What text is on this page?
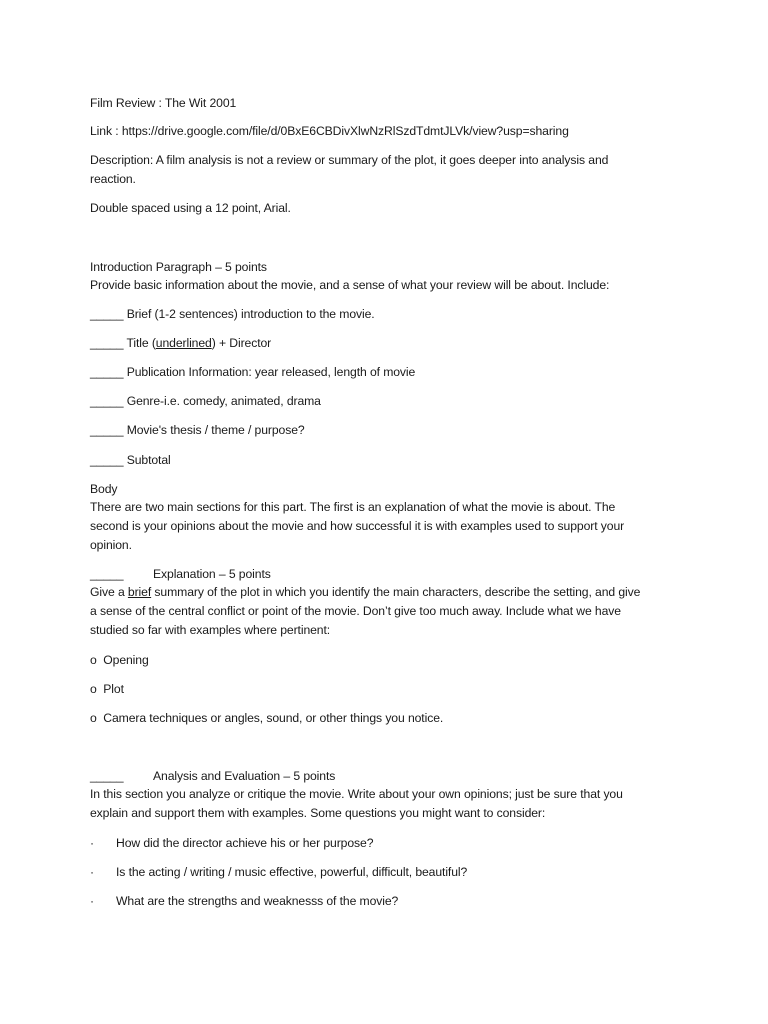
Film Review : The Wit 2001

Link : https://drive.google.com/file/d/0BxE6CBDivXlwNzRlSzdTdmtJLVk/view?usp=sharing

Description: A film analysis is not a review or summary of the plot, it goes deeper into analysis and

reaction.

Double spaced using a 12 point, Arial.

Introduction Paragraph – 5 points

Provide basic information about the movie, and a sense of what your review will be about. Include:

_____ Brief (1-2 sentences) introduction to the movie.

_____ Title (underlined) + Director

_____ Publication Information: year released, length of movie

_____ Genre-i.e. comedy, animated, drama

_____ Movie's thesis / theme / purpose?

_____ Subtotal

Body

There are two main sections for this part. The first is an explanation of what the movie is about. The

second is your opinions about the movie and how successful it is with examples used to support your

opinion.

_____ Explanation – 5 points

Give a brief summary of the plot in which you identify the main characters, describe the setting, and give

a sense of the central conflict or point of the movie. Don’t give too much away. Include what we have

studied so far with examples where pertinent:

o Opening

o Plot

o Camera techniques or angles, sound, or other things you notice.

_____ Analysis and Evaluation – 5 points

In this section you analyze or critique the movie. Write about your own opinions; just be sure that you

explain and support them with examples. Some questions you might want to consider:

· How did the director achieve his or her purpose?

· Is the acting / writing / music effective, powerful, difficult, beautiful?

· What are the strengths and weaknesss of the movie?
